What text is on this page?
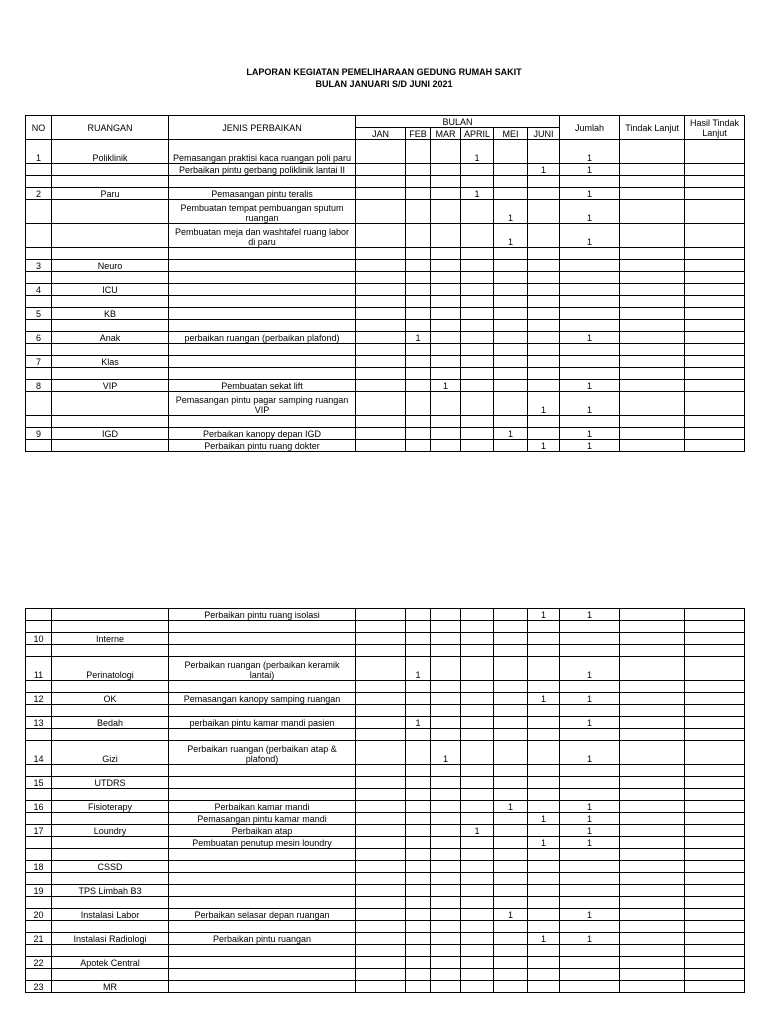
LAPORAN KEGIATAN PEMELIHARAAN GEDUNG RUMAH SAKIT
BULAN JANUARI S/D JUNI 2021
NO	RUANGAN	JENIS PERBAIKAN	BULAN						Jumlah	Tindak Lanjut	Hasil Tindak Lanjut
			JAN	FEB	MAR	APRIL	MEI	JUNI			
1	Poliklinik	Pemasangan praktisi kaca ruangan poli paru				1			1		
		Perbaikan pintu gerbang poliklinik lantai II						1	1		

2	Paru	Pemasangan pintu teralis				1			1		
		Pembuatan tempat pembuangan sputum ruangan					1		1		
		Pembuatan meja dan washtafel ruang labor di paru					1		1		

3	Neuro										

4	ICU										

5	KB										

6	Anak	perbaikan ruangan (perbaikan plafond)		1					1		

7	Klas										

8	VIP	Pembuatan sekat lift			1				1		
		Pemasangan pintu pagar samping ruangan VIP						1	1		

9	IGD	Perbaikan kanopy depan IGD					1		1		
		Perbaikan pintu ruang dokter						1	1		
		Perbaikan pintu ruang isolasi						1	1		

10	Interne										

11	Perinatologi	Perbaikan ruangan (perbaikan keramik lantai)		1					1		

12	OK	Pemasangan kanopy samping ruangan						1	1		

13	Bedah	perbaikan pintu kamar mandi pasien		1					1		

14	Gizi	Perbaikan ruangan (perbaikan atap & plafond)			1				1		

15	UTDRS										

16	Fisioterapy	Perbaikan kamar mandi					1		1		
		Pemasangan pintu kamar mandi						1	1		
17	Loundry	Perbaikan atap				1			1		
		Pembuatan penutup mesin loundry						1	1		

18	CSSD										

19	TPS Limbah B3										

20	Instalasi Labor	Perbaikan selasar depan ruangan					1		1		

21	Instalasi Radiologi	Perbaikan pintu ruangan						1	1		

22	Apotek Central										

23	MR										
